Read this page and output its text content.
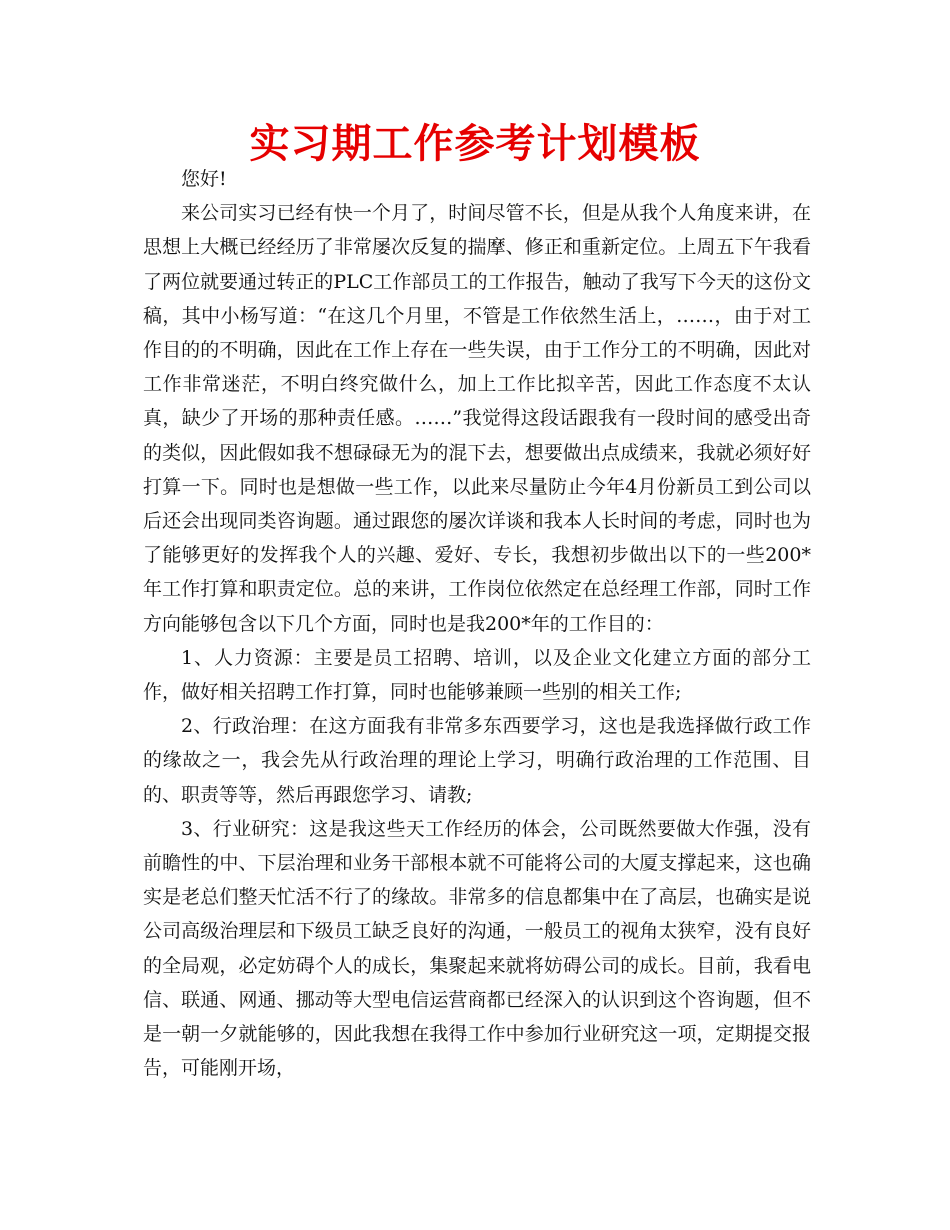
实习期工作参考计划模板

您好!

来公司实习已经有快一个月了，时间尽管不长，但是从我个人角度来讲，在思想上大概已经经历了非常屡次反复的揣摩、修正和重新定位。上周五下午我看了两位就要通过转正的PLC工作部员工的工作报告，触动了我写下今天的这份文稿，其中小杨写道：“在这几个月里，不管是工作依然生活上，……，由于对工作目的的不明确，因此在工作上存在一些失误，由于工作分工的不明确，因此对工作非常迷茫，不明白终究做什么，加上工作比拟辛苦，因此工作态度不太认真，缺少了开场的那种责任感。……”我觉得这段话跟我有一段时间的感受出奇的类似，因此假如我不想碌碌无为的混下去，想要做出点成绩来，我就必须好好打算一下。同时也是想做一些工作，以此来尽量防止今年4月份新员工到公司以后还会出现同类咨询题。通过跟您的屡次详谈和我本人长时间的考虑，同时也为了能够更好的发挥我个人的兴趣、爱好、专长，我想初步做出以下的一些200*年工作打算和职责定位。总的来讲，工作岗位依然定在总经理工作部，同时工作方向能够包含以下几个方面，同时也是我200*年的工作目的：

1、人力资源：主要是员工招聘、培训，以及企业文化建立方面的部分工作，做好相关招聘工作打算，同时也能够兼顾一些别的相关工作;

2、行政治理：在这方面我有非常多东西要学习，这也是我选择做行政工作的缘故之一，我会先从行政治理的理论上学习，明确行政治理的工作范围、目的、职责等等，然后再跟您学习、请教;

3、行业研究：这是我这些天工作经历的体会，公司既然要做大作强，没有前瞻性的中、下层治理和业务干部根本就不可能将公司的大厦支撑起来，这也确实是老总们整天忙活不行了的缘故。非常多的信息都集中在了高层，也确实是说公司高级治理层和下级员工缺乏良好的沟通，一般员工的视角太狭窄，没有良好的全局观，必定妨碍个人的成长，集聚起来就将妨碍公司的成长。目前，我看电信、联通、网通、挪动等大型电信运营商都已经深入的认识到这个咨询题，但不是一朝一夕就能够的，因此我想在我得工作中参加行业研究这一项，定期提交报告，可能刚开场，
